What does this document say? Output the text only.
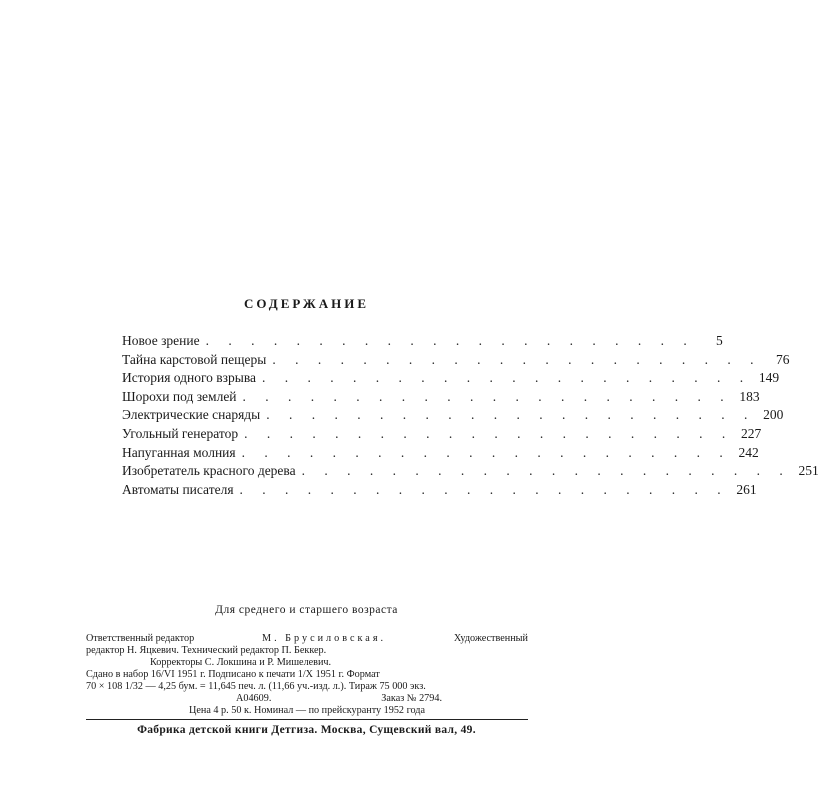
СОДЕРЖАНИЕ
Новое зрение . . . . . . . . . . . . . . . . . . . . . .	5
Тайна карстовой пещеры . . . . . . . . . . . . . . . . . . . . . .	76
История одного взрыва . . . . . . . . . . . . . . . . . . . . . . 149
Шорохи под землей . . . . . . . . . . . . . . . . . . . . . . 183
Электрические снаряды . . . . . . . . . . . . . . . . . . . . . . 200
Угольный генератор . . . . . . . . . . . . . . . . . . . . . . 227
Напуганная молния . . . . . . . . . . . . . . . . . . . . . . 242
Изобретатель красного дерева . . . . . . . . . . . . . . . . . . . . . . 251
Автоматы писателя . . . . . . . . . . . . . . . . . . . . . . 261
Для среднего и старшего возраста
Ответственный редактор	М. Брусиловская.	Художественный
редактор Н. Яцкевич. Технический редактор П. Беккер.
Корректоры С. Локшина и Р. Мишелевич.
Сдано в набор 16/VI 1951 г. Подписано к печати 1/X 1951 г. Формат
70 × 108 1/32 — 4,25 бум. = 11,645 печ. л. (11,66 уч.-изд. л.). Тираж 75 000 экз.
А04609.	Заказ № 2794.
Цена 4 р. 50 к. Номинал — по прейскуранту 1952 года
Фабрика детской книги Детгиза. Москва, Сущевский вал, 49.
